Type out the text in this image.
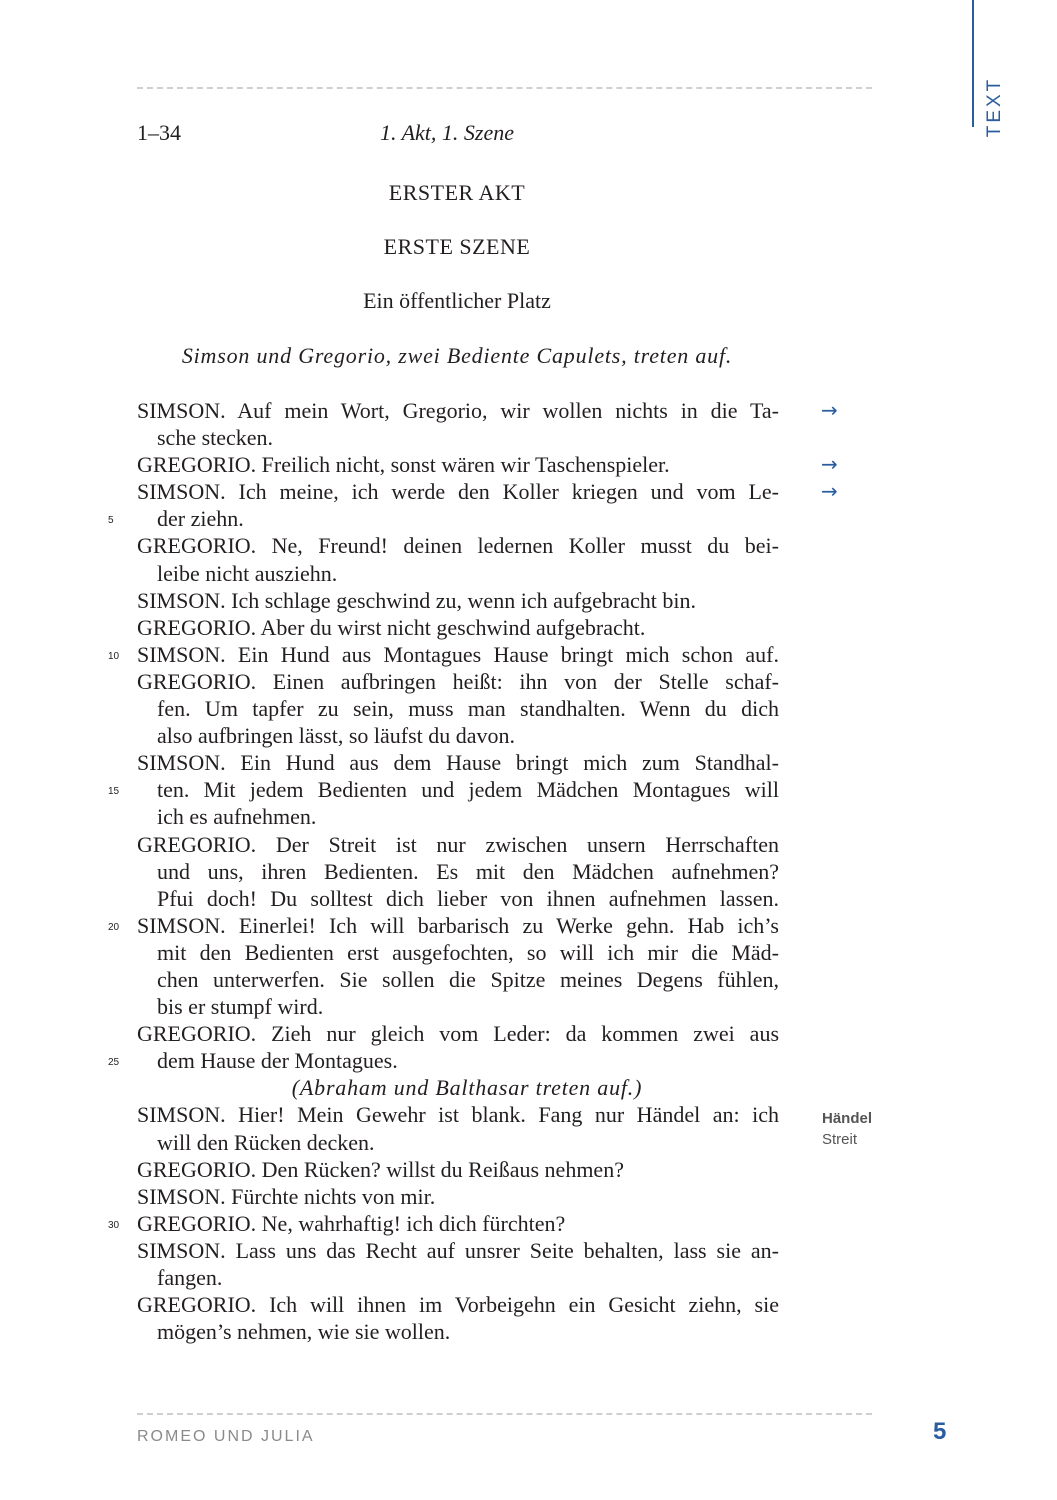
TEXT
1–34	1. Akt, 1. Szene
ERSTER AKT
ERSTE SZENE
Ein öffentlicher Platz
Simson und Gregorio, zwei Bediente Capulets, treten auf.
SIMSON. Auf mein Wort, Gregorio, wir wollen nichts in die Ta- →
sche stecken.
GREGORIO. Freilich nicht, sonst wären wir Taschenspieler.	→
SIMSON. Ich meine, ich werde den Koller kriegen und vom Le- →
5 der ziehn.
GREGORIO. Ne, Freund! deinen ledernen Koller musst du bei-
leibe nicht ausziehn.
SIMSON. Ich schlage geschwind zu, wenn ich aufgebracht bin.
GREGORIO. Aber du wirst nicht geschwind aufgebracht.
10 SIMSON. Ein Hund aus Montagues Hause bringt mich schon auf.
GREGORIO. Einen aufbringen heißt: ihn von der Stelle schaf-
fen. Um tapfer zu sein, muss man standhalten. Wenn du dich
also aufbringen lässt, so läufst du davon.
SIMSON. Ein Hund aus dem Hause bringt mich zum Standhal-
15 ten. Mit jedem Bedienten und jedem Mädchen Montagues will
ich es aufnehmen.
GREGORIO. Der Streit ist nur zwischen unsern Herrschaften
und uns, ihren Bedienten. Es mit den Mädchen aufnehmen?
Pfui doch! Du solltest dich lieber von ihnen aufnehmen lassen.
20 SIMSON. Einerlei! Ich will barbarisch zu Werke gehn. Hab ich’s
mit den Bedienten erst ausgefochten, so will ich mir die Mäd-
chen unterwerfen. Sie sollen die Spitze meines Degens fühlen,
bis er stumpf wird.
GREGORIO. Zieh nur gleich vom Leder: da kommen zwei aus
25 dem Hause der Montagues.
(Abraham und Balthasar treten auf.)
SIMSON. Hier! Mein Gewehr ist blank. Fang nur Händel an: ich
will den Rücken decken.
GREGORIO. Den Rücken? willst du Reißaus nehmen?
SIMSON. Fürchte nichts von mir.
30 GREGORIO. Ne, wahrhaftig! ich dich fürchten?
SIMSON. Lass uns das Recht auf unsrer Seite behalten, lass sie an-
fangen.
GREGORIO. Ich will ihnen im Vorbeigehn ein Gesicht ziehn, sie
mögen’s nehmen, wie sie wollen.
Händel
Streit
ROMEO UND JULIA	5
